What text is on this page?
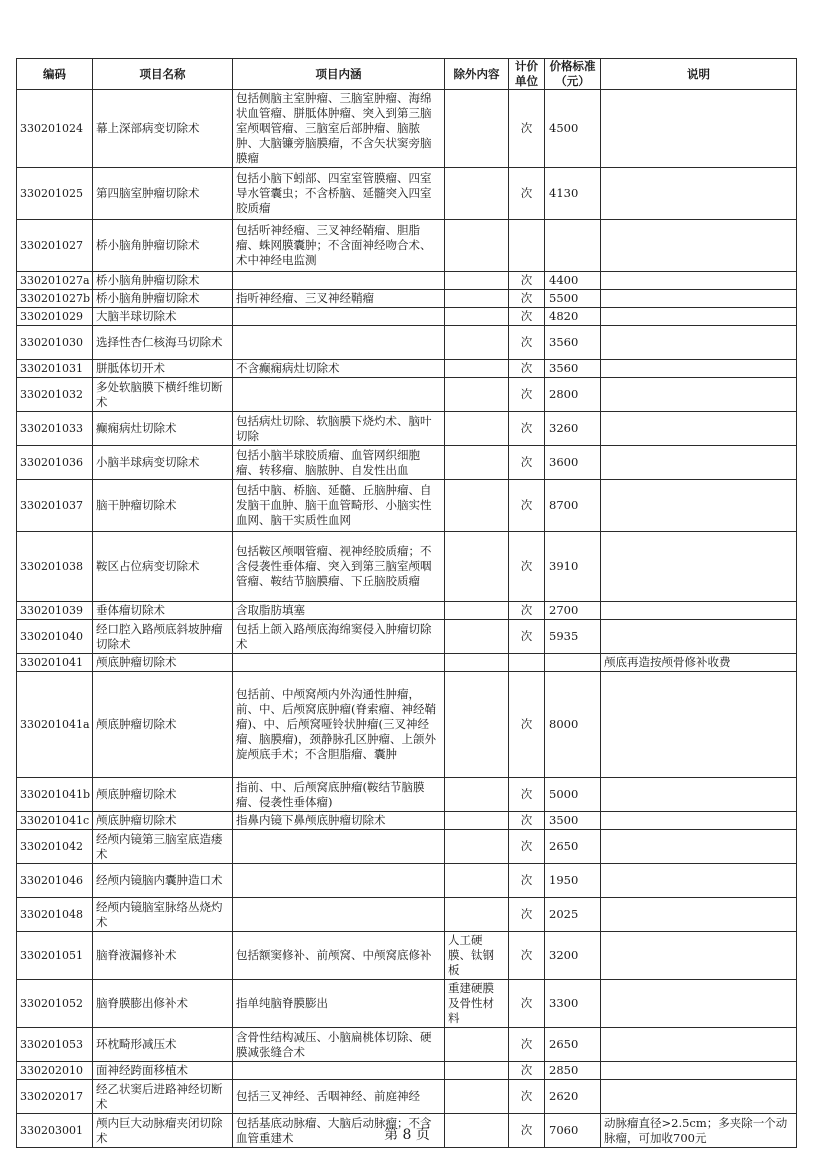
编码	项目名称	项目内涵	除外内容	计价单位	价格标准（元）	说明
330201024	幕上深部病变切除术	包括侧脑主室肿瘤、三脑室肿瘤、海绵状血管瘤、胼胝体肿瘤、突入到第三脑室颅咽管瘤、三脑室后部肿瘤、脑脓肿、大脑镰旁脑膜瘤，不含矢状窦旁脑膜瘤		次	4500	
330201025	第四脑室肿瘤切除术	包括小脑下蚓部、四室室管膜瘤、四室导水管囊虫；不含桥脑、延髓突入四室胶质瘤		次	4130	
330201027	桥小脑角肿瘤切除术	包括听神经瘤、三叉神经鞘瘤、胆脂瘤、蛛网膜囊肿；不含面神经吻合术、术中神经电监测				
330201027a	桥小脑角肿瘤切除术			次	4400	
330201027b	桥小脑角肿瘤切除术	指听神经瘤、三叉神经鞘瘤		次	5500	
330201029	大脑半球切除术			次	4820	
330201030	选择性杏仁核海马切除术			次	3560	
330201031	胼胝体切开术	不含癫痫病灶切除术		次	3560	
330201032	多处软脑膜下横纤维切断术			次	2800	
330201033	癫痫病灶切除术	包括病灶切除、软脑膜下烧灼术、脑叶切除		次	3260	
330201036	小脑半球病变切除术	包括小脑半球胶质瘤、血管网织细胞瘤、转移瘤、脑脓肿、自发性出血		次	3600	
330201037	脑干肿瘤切除术	包括中脑、桥脑、延髓、丘脑肿瘤、自发脑干血肿、脑干血管畸形、小脑实性血网、脑干实质性血网		次	8700	
330201038	鞍区占位病变切除术	包括鞍区颅咽管瘤、视神经胶质瘤；不含侵袭性垂体瘤、突入到第三脑室颅咽管瘤、鞍结节脑膜瘤、下丘脑胶质瘤		次	3910	
330201039	垂体瘤切除术	含取脂肪填塞		次	2700	
330201040	经口腔入路颅底斜坡肿瘤切除术	包括上颌入路颅底海绵窦侵入肿瘤切除术		次	5935	
330201041	颅底肿瘤切除术					颅底再造按颅骨修补收费
330201041a	颅底肿瘤切除术	包括前、中颅窝颅内外沟通性肿瘤，前、中、后颅窝底肿瘤(脊索瘤、神经鞘瘤)、中、后颅窝哑铃状肿瘤(三叉神经瘤、脑膜瘤)，颈静脉孔区肿瘤、上颌外旋颅底手术；不含胆脂瘤、囊肿		次	8000	
330201041b	颅底肿瘤切除术	指前、中、后颅窝底肿瘤(鞍结节脑膜瘤、侵袭性垂体瘤)		次	5000	
330201041c	颅底肿瘤切除术	指鼻内镜下鼻颅底肿瘤切除术		次	3500	
330201042	经颅内镜第三脑室底造瘘术			次	2650	
330201046	经颅内镜脑内囊肿造口术			次	1950	
330201048	经颅内镜脑室脉络丛烧灼术			次	2025	
330201051	脑脊液漏修补术	包括额窦修补、前颅窝、中颅窝底修补	人工硬膜、钛钢板	次	3200	
330201052	脑脊膜膨出修补术	指单纯脑脊膜膨出	重建硬膜及骨性材料	次	3300	
330201053	环枕畸形减压术	含骨性结构减压、小脑扁桃体切除、硬膜减张缝合术		次	2650	
330202010	面神经跨面移植术			次	2850	
330202017	经乙状窦后进路神经切断术	包括三叉神经、舌咽神经、前庭神经		次	2620	
330203001	颅内巨大动脉瘤夹闭切除术	包括基底动脉瘤、大脑后动脉瘤；不含血管重建术		次	7060	动脉瘤直径>2.5cm；多夹除一个动脉瘤，可加收700元
第 8 页
